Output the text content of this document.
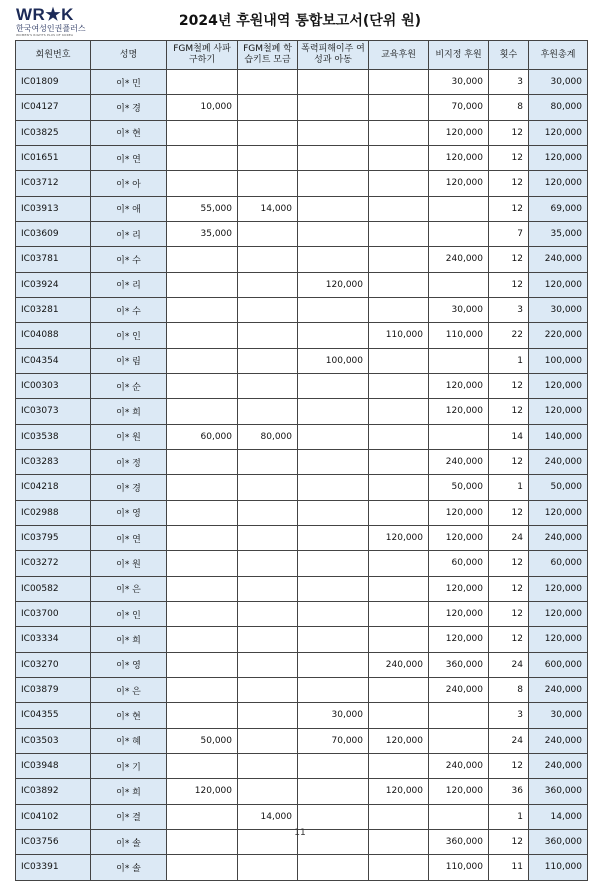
WR★K
한국여성인권플러스
WOMEN'S RIGHTS PLUS OF KOREA
2024년 후원내역 통합보고서(단위 원)
회원번호	성명	FGM철폐 사파구하기	FGM철폐 학습키트 모금	폭력피해이주 여성과 아동	교육후원	비지정 후원	횟수	후원총계
IC01809	이* 민					30,000	3	30,000
IC04127	이* 경	10,000				70,000	8	80,000
IC03825	이* 현					120,000	12	120,000
IC01651	이* 연					120,000	12	120,000
IC03712	이* 아					120,000	12	120,000
IC03913	이* 애	55,000	14,000				12	69,000
IC03609	이* 리	35,000					7	35,000
IC03781	이* 수					240,000	12	240,000
IC03924	이* 리			120,000			12	120,000
IC03281	이* 수					30,000	3	30,000
IC04088	이* 인				110,000	110,000	22	220,000
IC04354	이* 림			100,000			1	100,000
IC00303	이* 순					120,000	12	120,000
IC03073	이* 희					120,000	12	120,000
IC03538	이* 원	60,000	80,000				14	140,000
IC03283	이* 정					240,000	12	240,000
IC04218	이* 경					50,000	1	50,000
IC02988	이* 영					120,000	12	120,000
IC03795	이* 연				120,000	120,000	24	240,000
IC03272	이* 원					60,000	12	60,000
IC00582	이* 은					120,000	12	120,000
IC03700	이* 인					120,000	12	120,000
IC03334	이* 희					120,000	12	120,000
IC03270	이* 영				240,000	360,000	24	600,000
IC03879	이* 은					240,000	8	240,000
IC04355	이* 현			30,000			3	30,000
IC03503	이* 혜	50,000		70,000	120,000		24	240,000
IC03948	이* 기					240,000	12	240,000
IC03892	이* 희	120,000			120,000	120,000	36	360,000
IC04102	이* 결		14,000				1	14,000
IC03756	이* 솔					360,000	12	360,000
IC03391	이* 솔					110,000	11	110,000
11
